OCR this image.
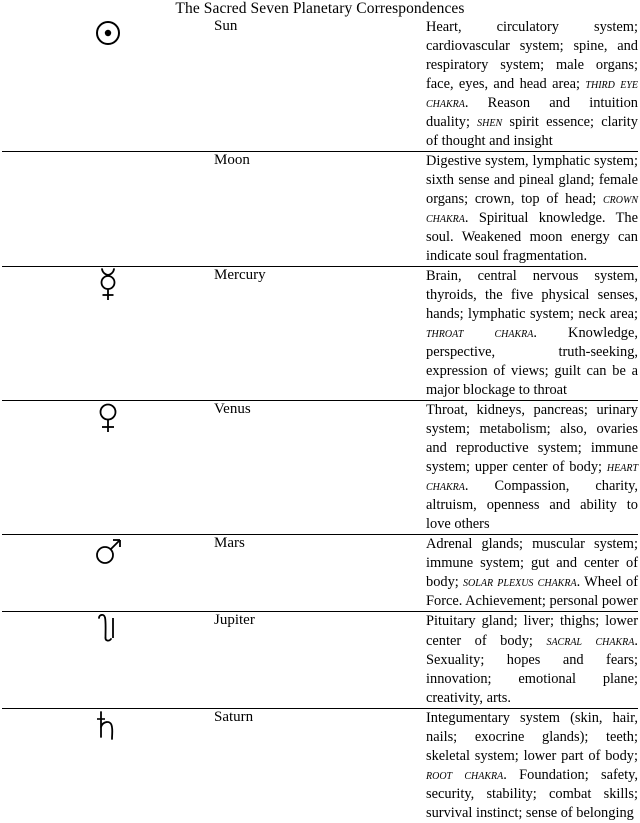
The Sacred Seven Planetary Correspondences		

	Sun	Heart, circulatory system; cardiovascular system; spine, and respiratory system; male organs; face, eyes, and head area; third eye chakra. Reason and intuition duality; shen spirit essence; clarity of thought and insight

	Moon	Digestive system, lymphatic system; sixth sense and pineal gland; female organs; crown, top of head; crown chakra. Spiritual knowledge. The soul. Weakened moon energy can indicate soul fragmentation.

	Mercury	Brain, central nervous system, thyroids, the five physical senses, hands; lymphatic system; neck area; throat chakra. Knowledge, perspective, truth-seeking, expression of views; guilt can be a major blockage to throat

	Venus	Throat, kidneys, pancreas; urinary system; metabolism; also, ovaries and reproductive system; immune system; upper center of body; heart chakra. Compassion, charity, altruism, openness and ability to love others

	Mars	Adrenal glands; muscular system; immune system; gut and center of body; solar plexus chakra. Wheel of Force. Achievement; personal power

	Jupiter	Pituitary gland; liver; thighs; lower center of body; sacral chakra. Sexuality; hopes and fears; innovation; emotional plane; creativity, arts.

	Saturn	Integumentary system (skin, hair, nails; exocrine glands); teeth; skeletal system; lower part of body; root chakra. Foundation; safety, security, stability; combat skills; survival instinct; sense of belonging
